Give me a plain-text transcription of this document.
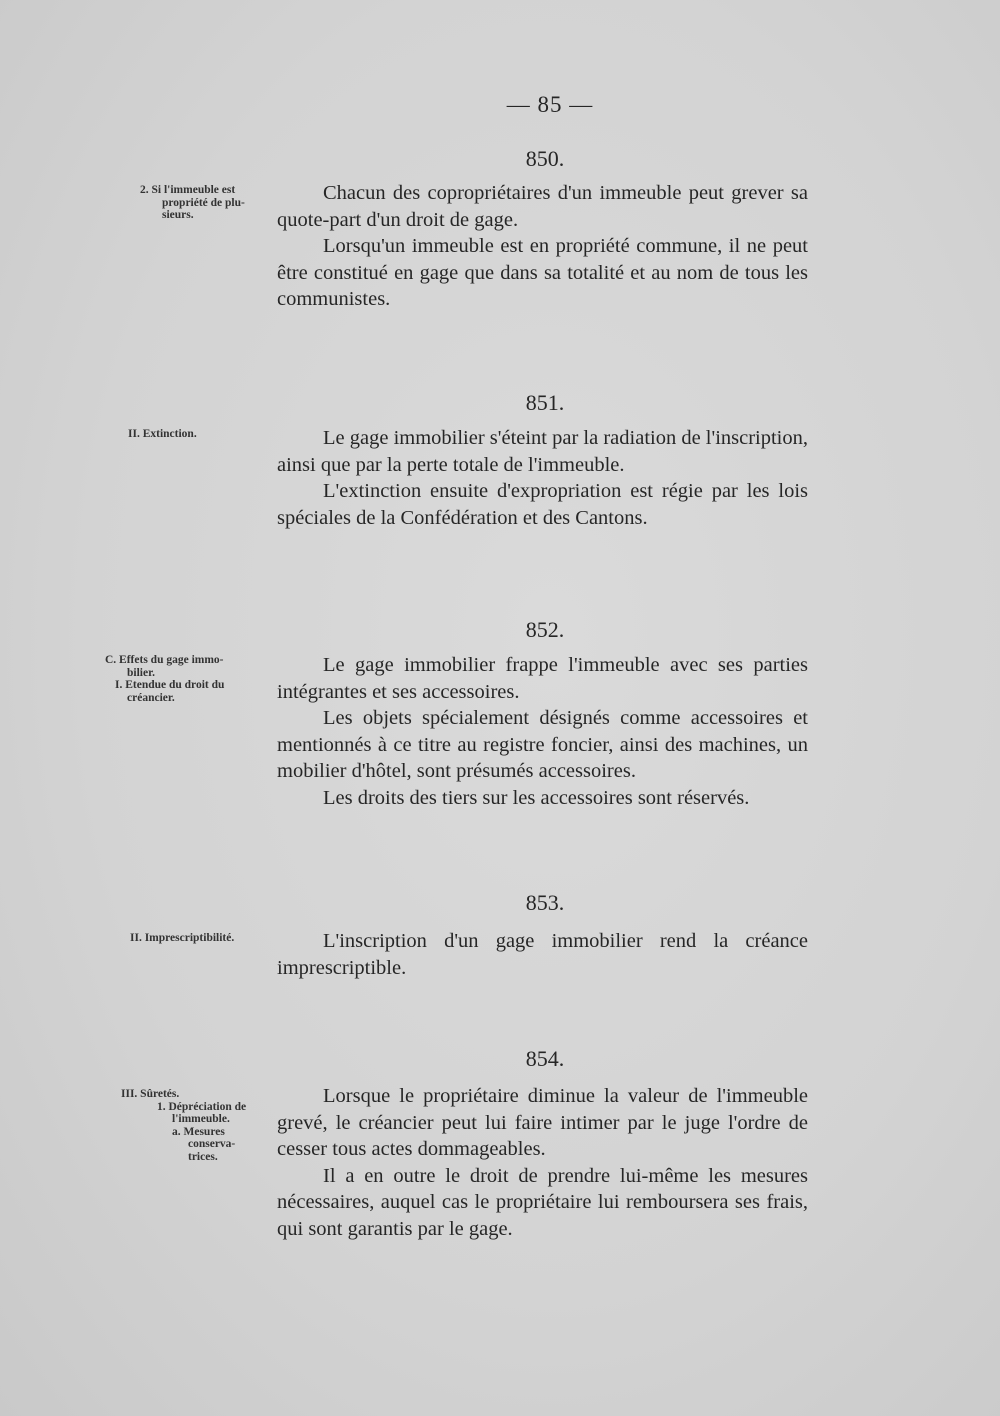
— 85 —
850.
2. Si l'immeuble est
propriété de plu-
sieurs.

Chacun des copropriétaires d'un immeuble peut grever sa quote-part d'un droit de gage.

Lorsqu'un immeuble est en propriété commune, il ne peut être constitué en gage que dans sa totalité et au nom de tous les communistes.

851.
II. Extinction.	Le gage immobilier s'éteint par la radiation de l'inscription, ainsi que par la perte totale de l'immeuble.

L'extinction ensuite d'expropriation est régie par les lois spéciales de la Confédération et des Cantons.

852.
C. Effets du gage immo-
bilier.
I. Etendue du droit du
créancier.

Le gage immobilier frappe l'immeuble avec ses parties intégrantes et ses accessoires.

Les objets spécialement désignés comme accessoires et mentionnés à ce titre au registre foncier, ainsi des machines, un mobilier d'hôtel, sont présumés accessoires.

Les droits des tiers sur les accessoires sont réservés.

853.
II. Imprescriptibilité.	L'inscription d'un gage immobilier rend la créance imprescriptible.

854.
III. Sûretés.
1. Dépréciation de
l'immeuble.
a. Mesures
conserva-
trices.

Lorsque le propriétaire diminue la valeur de l'immeuble grevé, le créancier peut lui faire intimer par le juge l'ordre de cesser tous actes dommageables.

Il a en outre le droit de prendre lui-même les mesures nécessaires, auquel cas le propriétaire lui remboursera ses frais, qui sont garantis par le gage.
